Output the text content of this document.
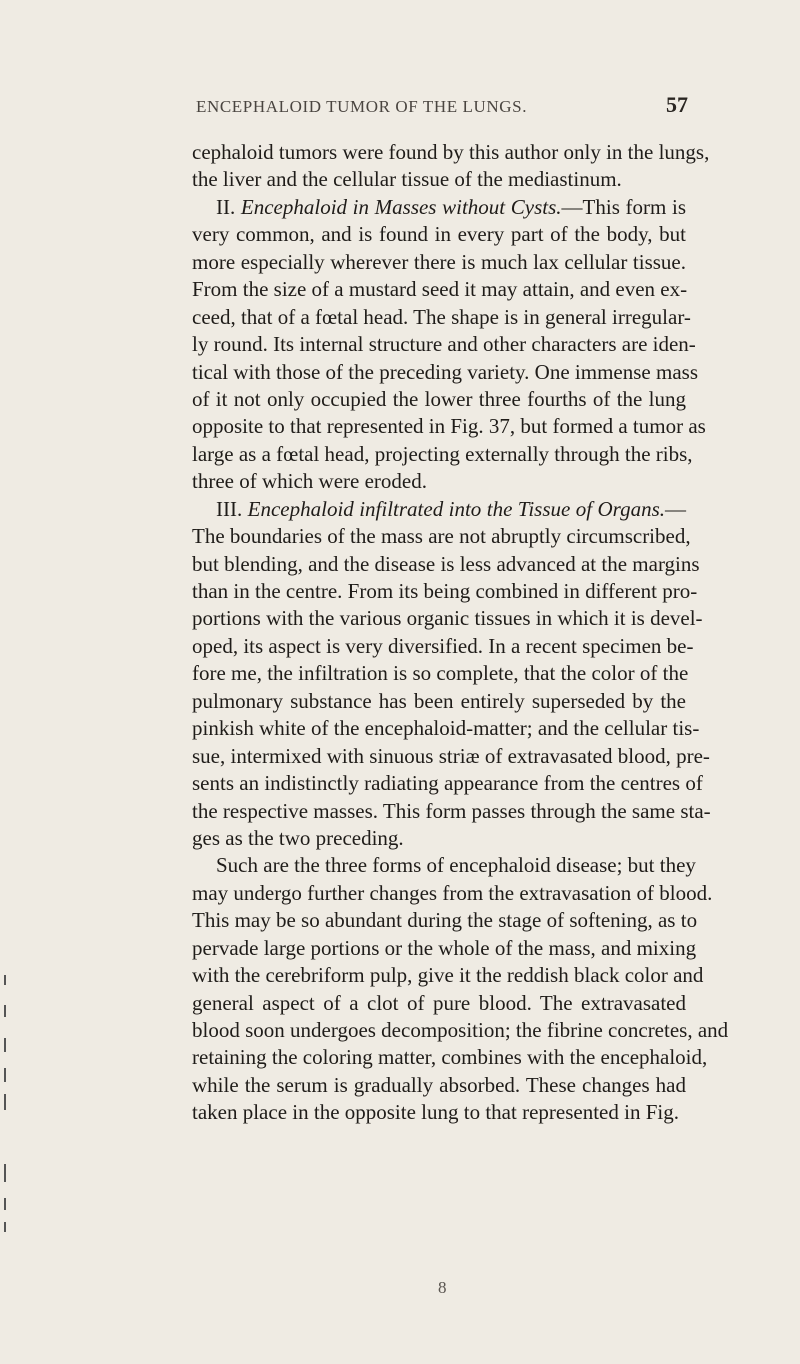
ENCEPHALOID TUMOR OF THE LUNGS.	57
cephaloid tumors were found by this author only in the lungs,
the liver and the cellular tissue of the mediastinum.
II. Encephaloid in Masses without Cysts.—This form is
very common, and is found in every part of the body, but
more especially wherever there is much lax cellular tissue.
From the size of a mustard seed it may attain, and even ex-
ceed, that of a fœtal head. The shape is in general irregular-
ly round. Its internal structure and other characters are iden-
tical with those of the preceding variety. One immense mass
of it not only occupied the lower three fourths of the lung
opposite to that represented in Fig. 37, but formed a tumor as
large as a fœtal head, projecting externally through the ribs,
three of which were eroded.
III. Encephaloid infiltrated into the Tissue of Organs.—
The boundaries of the mass are not abruptly circumscribed,
but blending, and the disease is less advanced at the margins
than in the centre. From its being combined in different pro-
portions with the various organic tissues in which it is devel-
oped, its aspect is very diversified. In a recent specimen be-
fore me, the infiltration is so complete, that the color of the
pulmonary substance has been entirely superseded by the
pinkish white of the encephaloid-matter; and the cellular tis-
sue, intermixed with sinuous striæ of extravasated blood, pre-
sents an indistinctly radiating appearance from the centres of
the respective masses. This form passes through the same sta-
ges as the two preceding.
Such are the three forms of encephaloid disease; but they
may undergo further changes from the extravasation of blood.
This may be so abundant during the stage of softening, as to
pervade large portions or the whole of the mass, and mixing
with the cerebriform pulp, give it the reddish black color and
general aspect of a clot of pure blood. The extravasated
blood soon undergoes decomposition; the fibrine concretes, and
retaining the coloring matter, combines with the encephaloid,
while the serum is gradually absorbed. These changes had
taken place in the opposite lung to that represented in Fig.
8
